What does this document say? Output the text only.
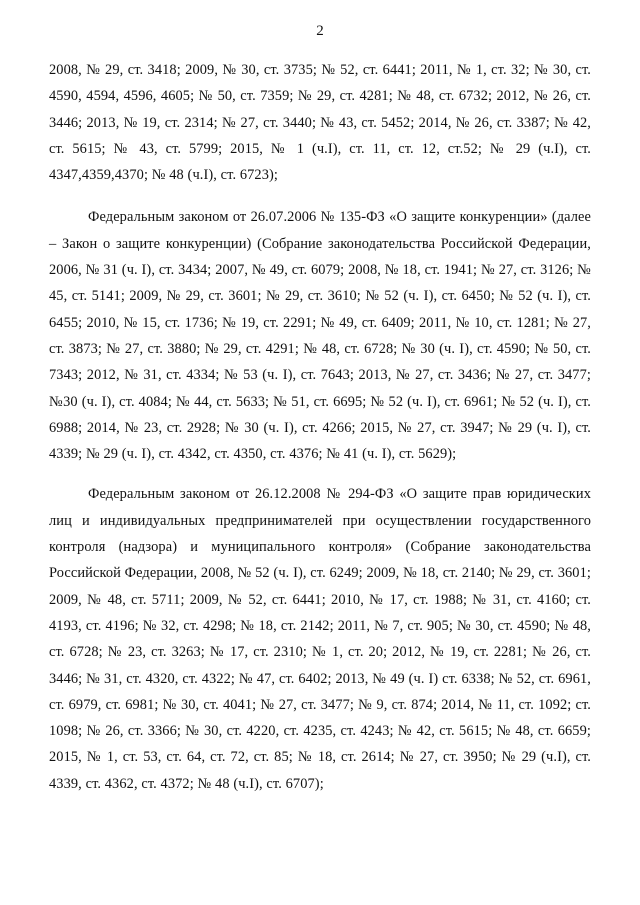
2

2008, № 29, ст. 3418; 2009, № 30, ст. 3735; № 52, ст. 6441; 2011, № 1, ст. 32; № 30, ст. 4590, 4594, 4596, 4605; № 50, ст. 7359; № 29, ст. 4281; № 48, ст. 6732; 2012, № 26, ст. 3446; 2013, № 19, ст. 2314; № 27, ст. 3440; № 43, ст. 5452; 2014, № 26, ст. 3387; № 42, ст. 5615; № 43, ст. 5799; 2015, № 1 (ч.I), ст. 11, ст. 12, ст.52; № 29 (ч.I), ст. 4347,4359,4370; № 48 (ч.I), ст. 6723);

Федеральным законом от 26.07.2006 № 135-ФЗ «О защите конкуренции» (далее – Закон о защите конкуренции) (Собрание законодательства Российской Федерации, 2006, № 31 (ч. I), ст. 3434; 2007, № 49, ст. 6079; 2008, № 18, ст. 1941; № 27, ст. 3126; № 45, ст. 5141; 2009, № 29, ст. 3601; № 29, ст. 3610; № 52 (ч. I), ст. 6450; № 52 (ч. I), ст. 6455; 2010, № 15, ст. 1736; № 19, ст. 2291; № 49, ст. 6409; 2011, № 10, ст. 1281; № 27, ст. 3873; № 27, ст. 3880; № 29, ст. 4291; № 48, ст. 6728; № 30 (ч. I), ст. 4590; № 50, ст. 7343; 2012, № 31, ст. 4334; № 53 (ч. I), ст. 7643; 2013, № 27, ст. 3436; № 27, ст. 3477; №30 (ч. I), ст. 4084; № 44, ст. 5633; № 51, ст. 6695; № 52 (ч. I), ст. 6961; № 52 (ч. I), ст. 6988; 2014, № 23, ст. 2928; № 30 (ч. I), ст. 4266; 2015, № 27, ст. 3947; № 29 (ч. I), ст. 4339; № 29 (ч. I), ст. 4342, ст. 4350, ст. 4376; № 41 (ч. I), ст. 5629);

Федеральным законом от 26.12.2008 № 294-ФЗ «О защите прав юридических лиц и индивидуальных предпринимателей при осуществлении государственного контроля (надзора) и муниципального контроля» (Собрание законодательства Российской Федерации, 2008, № 52 (ч. I), ст. 6249; 2009, № 18, ст. 2140; № 29, ст. 3601; 2009, № 48, ст. 5711; 2009, № 52, ст. 6441; 2010, № 17, ст. 1988; № 31, ст. 4160; ст. 4193, ст. 4196; № 32, ст. 4298; № 18, ст. 2142; 2011, № 7, ст. 905; № 30, ст. 4590; № 48, ст. 6728; № 23, ст. 3263; № 17, ст. 2310; № 1, ст. 20; 2012, № 19, ст. 2281; № 26, ст. 3446; № 31, ст. 4320, ст. 4322; № 47, ст. 6402; 2013, № 49 (ч. I) ст. 6338; № 52, ст. 6961, ст. 6979, ст. 6981; № 30, ст. 4041; № 27, ст. 3477; № 9, ст. 874; 2014, № 11, ст. 1092; ст. 1098; № 26, ст. 3366; № 30, ст. 4220, ст. 4235, ст. 4243; № 42, ст. 5615; № 48, ст. 6659; 2015, № 1, ст. 53, ст. 64, ст. 72, ст. 85; № 18, ст. 2614; № 27, ст. 3950; № 29 (ч.I), ст. 4339, ст. 4362, ст. 4372; № 48 (ч.I), ст. 6707);
